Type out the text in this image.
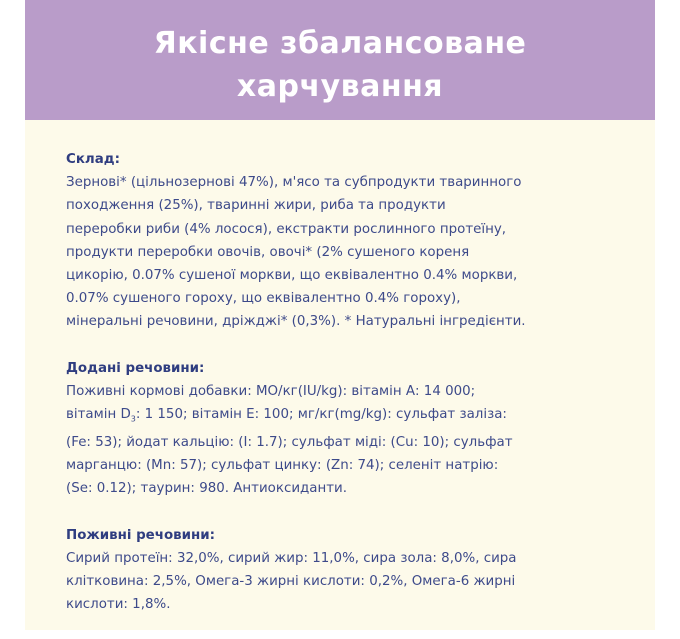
Якісне збалансоване
харчування
Склад:
Зернові* (цільнозернові 47%), м'ясо та субпродукти тваринного
походження (25%), тваринні жири, риба та продукти
переробки риби (4% лосося), екстракти рослинного протеїну,
продукти переробки овочів, овочі* (2% сушеного кореня
цикорію, 0.07% сушеної моркви, що еквівалентно 0.4% моркви,
0.07% сушеного гороху, що еквівалентно 0.4% гороху),
мінеральні речовини, дріжджі* (0,3%). * Натуральні інгредієнти.
Додані речовини:
Поживні кормові добавки: МО/кг(IU/kg): вітамін А: 14 000;
вітамін $D_3$: 1 150; вітамін Е: 100; мг/кг(mg/kg): сульфат заліза:
(Fe: 53); йодат кальцію: (I: 1.7); сульфат міді: (Cu: 10); сульфат
марганцю: (Mn: 57); сульфат цинку: (Zn: 74); селеніт натрію:
(Se: 0.12); таурин: 980. Антиоксиданти.
Поживні речовини:
Сирий протеїн: 32,0%, сирий жир: 11,0%, сира зола: 8,0%, сира
клітковина: 2,5%, Омега-3 жирні кислоти: 0,2%, Омега-6 жирні
кислоти: 1,8%.
